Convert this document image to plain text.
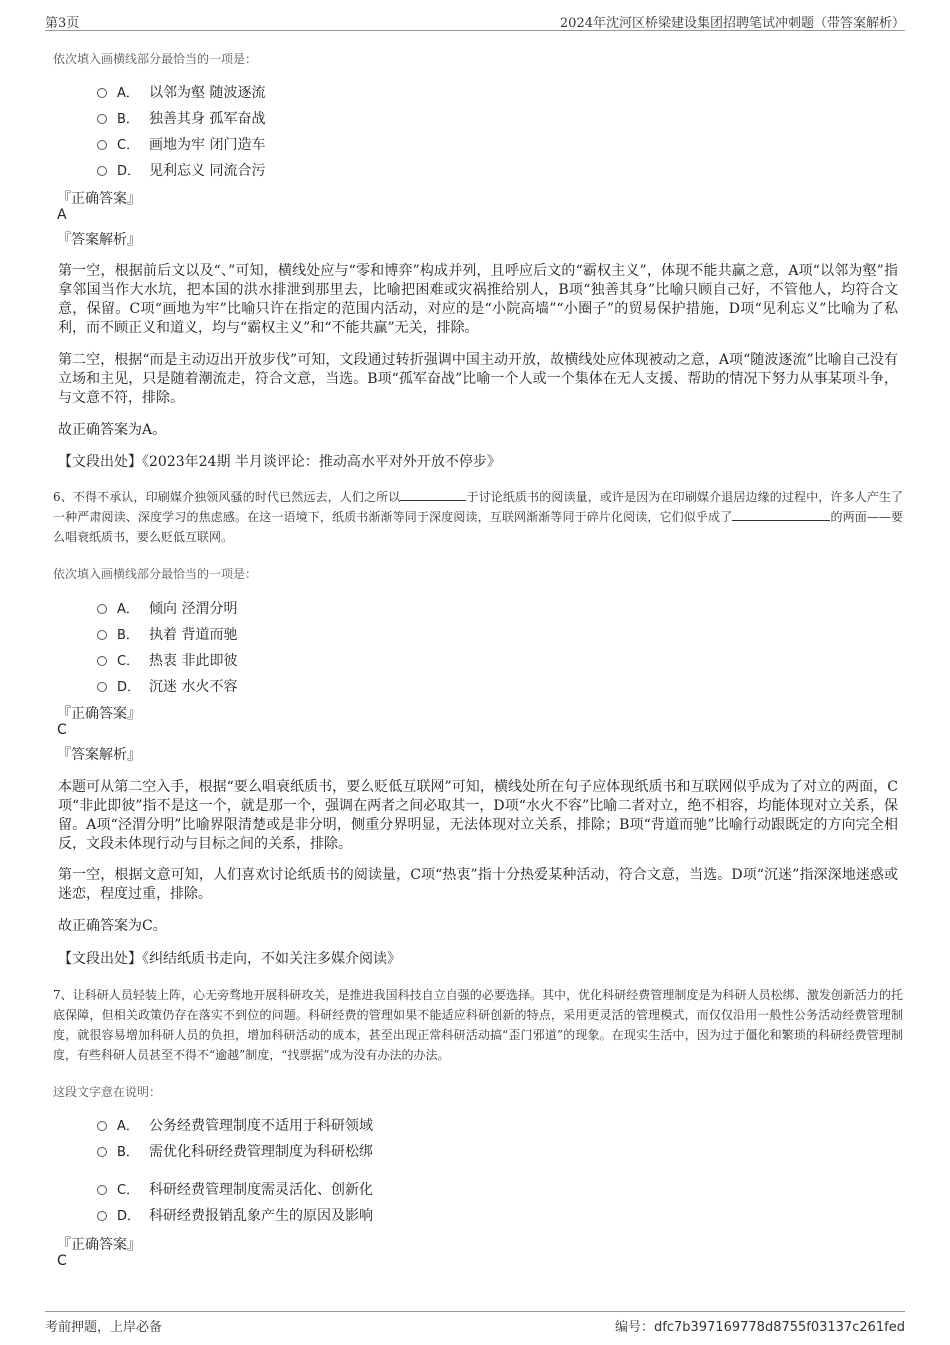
第3页	2024年沈河区桥梁建设集团招聘笔试冲刺题（带答案解析）
依次填入画横线部分最恰当的一项是：
A． 以邻为壑 随波逐流
B． 独善其身 孤军奋战
C． 画地为牢 闭门造车
D． 见利忘义 同流合污
『正确答案』
A
『答案解析』
第一空，根据前后文以及“、”可知，横线处应与“零和博弈”构成并列，且呼应后文的“霸权主义”，体现不能共赢之意，A项“以邻为壑”指拿邻国当作大水坑，把本国的洪水排泄到那里去，比喻把困难或灾祸推给别人，B项“独善其身”比喻只顾自己好，不管他人，均符合文意，保留。C项“画地为牢”比喻只许在指定的范围内活动，对应的是“小院高墙”“小圈子”的贸易保护措施，D项“见利忘义”比喻为了私利，而不顾正义和道义，均与“霸权主义”和“不能共赢”无关，排除。
第二空，根据“而是主动迈出开放步伐”可知，文段通过转折强调中国主动开放，故横线处应体现被动之意，A项“随波逐流”比喻自己没有立场和主见，只是随着潮流走，符合文意，当选。B项“孤军奋战”比喻一个人或一个集体在无人支援、帮助的情况下努力从事某项斗争，与文意不符，排除。
故正确答案为A。
【文段出处】《2023年24期 半月谈评论：推动高水平对外开放不停步》
6、不得不承认，印刷媒介独领风骚的时代已然远去，人们之所以	于讨论纸质书的阅读量，或许是因为在印刷媒介退居边缘的过程中，许多人产生了一种严肃阅读、深度学习的焦虑感。在这一语境下，纸质书渐渐等同于深度阅读，互联网渐渐等同于碎片化阅读，它们似乎成了	的两面——要么唱衰纸质书，要么贬低互联网。
依次填入画横线部分最恰当的一项是：
A． 倾向 泾渭分明
B． 执着 背道而驰
C． 热衷 非此即彼
D． 沉迷 水火不容
『正确答案』
C
『答案解析』
本题可从第二空入手，根据“要么唱衰纸质书，要么贬低互联网”可知，横线处所在句子应体现纸质书和互联网似乎成为了对立的两面，C项“非此即彼”指不是这一个，就是那一个，强调在两者之间必取其一，D项“水火不容”比喻二者对立，绝不相容，均能体现对立关系，保留。A项“泾渭分明”比喻界限清楚或是非分明，侧重分界明显，无法体现对立关系，排除；B项“背道而驰”比喻行动跟既定的方向完全相反，文段未体现行动与目标之间的关系，排除。
第一空，根据文意可知，人们喜欢讨论纸质书的阅读量，C项“热衷”指十分热爱某种活动，符合文意，当选。D项“沉迷”指深深地迷惑或迷恋，程度过重，排除。
故正确答案为C。
【文段出处】《纠结纸质书走向，不如关注多媒介阅读》
7、让科研人员轻装上阵，心无旁骛地开展科研攻关，是推进我国科技自立自强的必要选择。其中，优化科研经费管理制度是为科研人员松绑、激发创新活力的托底保障，但相关政策仍存在落实不到位的问题。科研经费的管理如果不能适应科研创新的特点，采用更灵活的管理模式，而仅仅沿用一般性公务活动经费管理制度，就很容易增加科研人员的负担，增加科研活动的成本，甚至出现正常科研活动搞“歪门邪道”的现象。在现实生活中，因为过于僵化和繁琐的科研经费管理制度，有些科研人员甚至不得不“逾越”制度，“找票据”成为没有办法的办法。
这段文字意在说明：
A． 公务经费管理制度不适用于科研领域
B． 需优化科研经费管理制度为科研松绑
C． 科研经费管理制度需灵活化、创新化
D． 科研经费报销乱象产生的原因及影响
『正确答案』
C
考前押题，上岸必备	编号：dfc7b397169778d8755f03137c261fed
